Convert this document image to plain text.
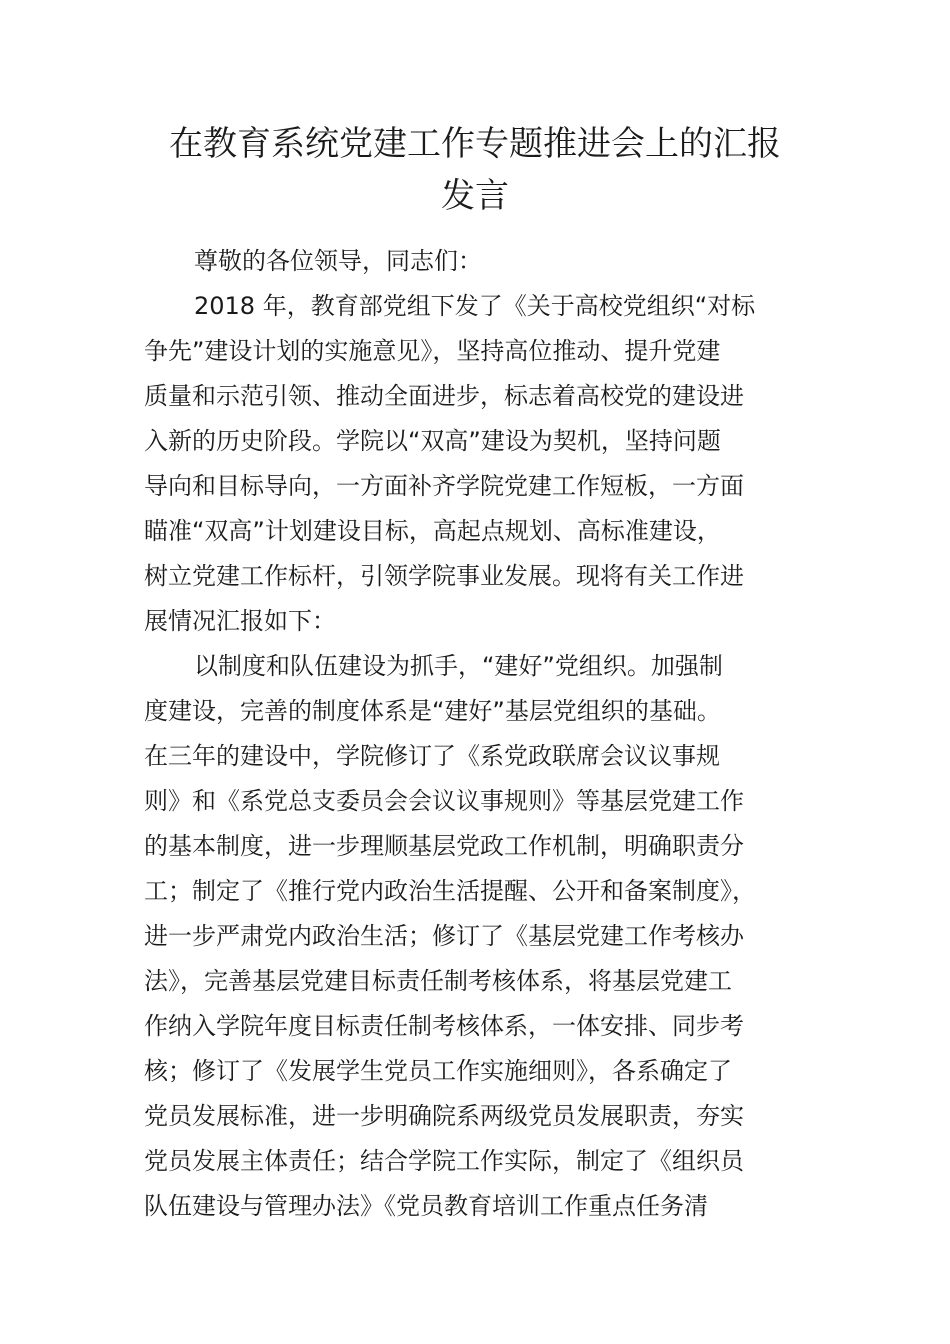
在教育系统党建工作专题推进会上的汇报
发言
尊敬的各位领导，同志们：
2018 年，教育部党组下发了《关于高校党组织“对标
争先”建设计划的实施意见》，坚持高位推动、提升党建
质量和示范引领、推动全面进步，标志着高校党的建设进
入新的历史阶段。学院以“双高”建设为契机，坚持问题
导向和目标导向，一方面补齐学院党建工作短板，一方面
瞄准“双高”计划建设目标，高起点规划、高标准建设，
树立党建工作标杆，引领学院事业发展。现将有关工作进
展情况汇报如下：
以制度和队伍建设为抓手，“建好”党组织。加强制
度建设，完善的制度体系是“建好”基层党组织的基础。
在三年的建设中，学院修订了《系党政联席会议议事规
则》和《系党总支委员会会议议事规则》等基层党建工作
的基本制度，进一步理顺基层党政工作机制，明确职责分
工；制定了《推行党内政治生活提醒、公开和备案制度》，
进一步严肃党内政治生活；修订了《基层党建工作考核办
法》，完善基层党建目标责任制考核体系，将基层党建工
作纳入学院年度目标责任制考核体系，一体安排、同步考
核；修订了《发展学生党员工作实施细则》，各系确定了
党员发展标准，进一步明确院系两级党员发展职责，夯实
党员发展主体责任；结合学院工作实际，制定了《组织员
队伍建设与管理办法》《党员教育培训工作重点任务清
